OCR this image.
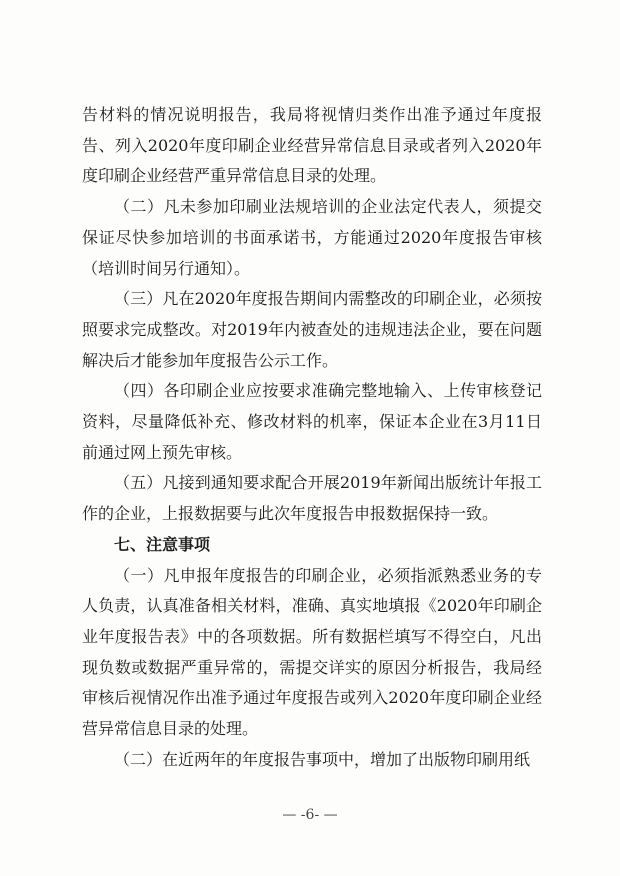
告材料的情况说明报告，我局将视情归类作出准予通过年度报告、列入2020年度印刷企业经营异常信息目录或者列入2020年度印刷企业经营严重异常信息目录的处理。

（二）凡未参加印刷业法规培训的企业法定代表人，须提交保证尽快参加培训的书面承诺书，方能通过2020年度报告审核（培训时间另行通知）。

（三）凡在2020年度报告期间内需整改的印刷企业，必须按照要求完成整改。对2019年内被查处的违规违法企业，要在问题解决后才能参加年度报告公示工作。

（四）各印刷企业应按要求准确完整地输入、上传审核登记资料，尽量降低补充、修改材料的机率，保证本企业在3月11日前通过网上预先审核。

（五）凡接到通知要求配合开展2019年新闻出版统计年报工作的企业，上报数据要与此次年度报告申报数据保持一致。

七、注意事项

（一）凡申报年度报告的印刷企业，必须指派熟悉业务的专人负责，认真准备相关材料，准确、真实地填报《2020年印刷企业年度报告表》中的各项数据。所有数据栏填写不得空白，凡出现负数或数据严重异常的，需提交详实的原因分析报告，我局经审核后视情况作出准予通过年度报告或列入2020年度印刷企业经营异常信息目录的处理。

（二）在近两年的年度报告事项中，增加了出版物印刷用纸

— -6- —
